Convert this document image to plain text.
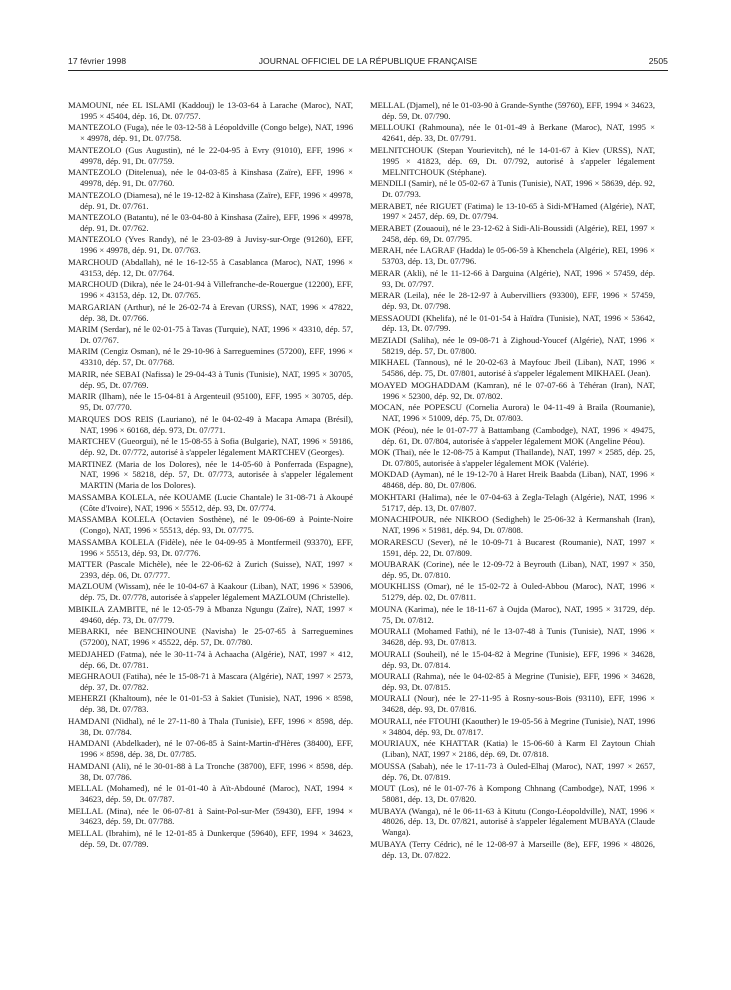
17 février 1998	JOURNAL OFFICIEL DE LA RÉPUBLIQUE FRANÇAISE	2505

MAMOUNI, née EL ISLAMI (Kaddouj) le 13-03-64 à Larache (Maroc), NAT, 1995 × 45404, dép. 16, Dt. 07/757.

MANTEZOLO (Fuga), née le 03-12-58 à Léopoldville (Congo belge), NAT, 1996 × 49978, dép. 91, Dt. 07/758.

MANTEZOLO (Gus Augustin), né le 22-04-95 à Evry (91010), EFF, 1996 × 49978, dép. 91, Dt. 07/759.

MANTEZOLO (Ditelenua), née le 04-03-85 à Kinshasa (Zaïre), EFF, 1996 × 49978, dép. 91, Dt. 07/760.

MANTEZOLO (Diamesa), né le 19-12-82 à Kinshasa (Zaïre), EFF, 1996 × 49978, dép. 91, Dt. 07/761.

MANTEZOLO (Batantu), né le 03-04-80 à Kinshasa (Zaïre), EFF, 1996 × 49978, dép. 91, Dt. 07/762.

MANTEZOLO (Yves Randy), né le 23-03-89 à Juvisy-sur-Orge (91260), EFF, 1996 × 49978, dép. 91, Dt. 07/763.

MARCHOUD (Abdallah), né le 16-12-55 à Casablanca (Maroc), NAT, 1996 × 43153, dép. 12, Dt. 07/764.

MARCHOUD (Dikra), née le 24-01-94 à Villefranche-de-Rouergue (12200), EFF, 1996 × 43153, dép. 12, Dt. 07/765.

MARGARIAN (Arthur), né le 26-02-74 à Erevan (URSS), NAT, 1996 × 47822, dép. 38, Dt. 07/766.

MARIM (Serdar), né le 02-01-75 à Tavas (Turquie), NAT, 1996 × 43310, dép. 57, Dt. 07/767.

MARIM (Cengiz Osman), né le 29-10-96 à Sarreguemines (57200), EFF, 1996 × 43310, dép. 57, Dt. 07/768.

MARIR, née SEBAI (Nafissa) le 29-04-43 à Tunis (Tunisie), NAT, 1995 × 30705, dép. 95, Dt. 07/769.

MARIR (Ilham), née le 15-04-81 à Argenteuil (95100), EFF, 1995 × 30705, dép. 95, Dt. 07/770.

MARQUES DOS REIS (Lauriano), né le 04-02-49 à Macapa Amapa (Brésil), NAT, 1996 × 60168, dép. 973, Dt. 07/771.

MARTCHEV (Gueorgui), né le 15-08-55 à Sofia (Bulgarie), NAT, 1996 × 59186, dép. 92, Dt. 07/772, autorisé à s'appeler légalement MARTCHEV (Georges).

MARTINEZ (Maria de los Dolores), née le 14-05-60 à Ponferrada (Espagne), NAT, 1996 × 58218, dép. 57, Dt. 07/773, autorisée à s'appeler légalement MARTIN (Maria de los Dolores).

MASSAMBA KOLELA, née KOUAME (Lucie Chantale) le 31-08-71 à Akoupé (Côte d'Ivoire), NAT, 1996 × 55512, dép. 93, Dt. 07/774.

MASSAMBA KOLELA (Octavien Sosthène), né le 09-06-69 à Pointe-Noire (Congo), NAT, 1996 × 55513, dép. 93, Dt. 07/775.

MASSAMBA KOLELA (Fidèle), née le 04-09-95 à Montfermeil (93370), EFF, 1996 × 55513, dép. 93, Dt. 07/776.

MATTER (Pascale Michèle), née le 22-06-62 à Zurich (Suisse), NAT, 1997 × 2393, dép. 06, Dt. 07/777.

MAZLOUM (Wissam), née le 10-04-67 à Kaakour (Liban), NAT, 1996 × 53906, dép. 75, Dt. 07/778, autorisée à s'appeler légalement MAZLOUM (Christelle).

MBIKILA ZAMBITE, né le 12-05-79 à Mbanza Ngungu (Zaïre), NAT, 1997 × 49460, dép. 73, Dt. 07/779.

MEBARKI, née BENCHINOUNE (Navisha) le 25-07-65 à Sarreguemines (57200), NAT, 1996 × 45522, dép. 57, Dt. 07/780.

MEDJAHED (Fatma), née le 30-11-74 à Achaacha (Algérie), NAT, 1997 × 412, dép. 66, Dt. 07/781.

MEGHRAOUI (Fatiha), née le 15-08-71 à Mascara (Algérie), NAT, 1997 × 2573, dép. 37, Dt. 07/782.

MEHERZI (Khaltoum), née le 01-01-53 à Sakiet (Tunisie), NAT, 1996 × 8598, dép. 38, Dt. 07/783.

HAMDANI (Nidhal), né le 27-11-80 à Thala (Tunisie), EFF, 1996 × 8598, dép. 38, Dt. 07/784.

HAMDANI (Abdelkader), né le 07-06-85 à Saint-Martin-d'Hères (38400), EFF, 1996 × 8598, dép. 38, Dt. 07/785.

HAMDANI (Ali), né le 30-01-88 à La Tronche (38700), EFF, 1996 × 8598, dép. 38, Dt. 07/786.

MELLAL (Mohamed), né le 01-01-40 à Aït-Abdouné (Maroc), NAT, 1994 × 34623, dép. 59, Dt. 07/787.

MELLAL (Mina), née le 06-07-81 à Saint-Pol-sur-Mer (59430), EFF, 1994 × 34623, dép. 59, Dt. 07/788.

MELLAL (Ibrahim), né le 12-01-85 à Dunkerque (59640), EFF, 1994 × 34623, dép. 59, Dt. 07/789.

MELLAL (Djamel), né le 01-03-90 à Grande-Synthe (59760), EFF, 1994 × 34623, dép. 59, Dt. 07/790.

MELLOUKI (Rahmouna), née le 01-01-49 à Berkane (Maroc), NAT, 1995 × 42641, dép. 33, Dt. 07/791.

MELNITCHOUK (Stepan Yourievitch), né le 14-01-67 à Kiev (URSS), NAT, 1995 × 41823, dép. 69, Dt. 07/792, autorisé à s'appeler légalement MELNITCHOUK (Stéphane).

MENDILI (Samir), né le 05-02-67 à Tunis (Tunisie), NAT, 1996 × 58639, dép. 92, Dt. 07/793.

MERABET, née RIGUET (Fatima) le 13-10-65 à Sidi-M'Hamed (Algérie), NAT, 1997 × 2457, dép. 69, Dt. 07/794.

MERABET (Zouaoui), né le 23-12-62 à Sidi-Ali-Boussidi (Algérie), REI, 1997 × 2458, dép. 69, Dt. 07/795.

MERAH, née LAGRAF (Hadda) le 05-06-59 à Khenchela (Algérie), REI, 1996 × 53703, dép. 13, Dt. 07/796.

MERAR (Akli), né le 11-12-66 à Darguina (Algérie), NAT, 1996 × 57459, dép. 93, Dt. 07/797.

MERAR (Leila), née le 28-12-97 à Aubervilliers (93300), EFF, 1996 × 57459, dép. 93, Dt. 07/798.

MESSAOUDI (Khelifa), né le 01-01-54 à Haïdra (Tunisie), NAT, 1996 × 53642, dép. 13, Dt. 07/799.

MEZIADI (Saliha), née le 09-08-71 à Zighoud-Youcef (Algérie), NAT, 1996 × 58219, dép. 57, Dt. 07/800.

MIKHAEL (Tannous), né le 20-02-63 à Mayfouc Jbeil (Liban), NAT, 1996 × 54586, dép. 75, Dt. 07/801, autorisé à s'appeler légalement MIKHAEL (Jean).

MOAYED MOGHADDAM (Kamran), né le 07-07-66 à Téhéran (Iran), NAT, 1996 × 52300, dép. 92, Dt. 07/802.

MOCAN, née POPESCU (Cornelia Aurora) le 04-11-49 à Braila (Roumanie), NAT, 1996 × 51009, dép. 75, Dt. 07/803.

MOK (Péou), née le 01-07-77 à Battambang (Cambodge), NAT, 1996 × 49475, dép. 61, Dt. 07/804, autorisée à s'appeler légalement MOK (Angeline Péou).

MOK (Thai), née le 12-08-75 à Kamput (Thaïlande), NAT, 1997 × 2585, dép. 25, Dt. 07/805, autorisée à s'appeler légalement MOK (Valérie).

MOKDAD (Ayman), né le 19-12-70 à Haret Hreik Baabda (Liban), NAT, 1996 × 48468, dép. 80, Dt. 07/806.

MOKHTARI (Halima), née le 07-04-63 à Zegla-Telagh (Algérie), NAT, 1996 × 51717, dép. 13, Dt. 07/807.

MONACHIPOUR, née NIKROO (Sedigheh) le 25-06-32 à Kermanshah (Iran), NAT, 1996 × 51981, dép. 94, Dt. 07/808.

MORARESCU (Sever), né le 10-09-71 à Bucarest (Roumanie), NAT, 1997 × 1591, dép. 22, Dt. 07/809.

MOUBARAK (Corine), née le 12-09-72 à Beyrouth (Liban), NAT, 1997 × 350, dép. 95, Dt. 07/810.

MOUKHLISS (Omar), né le 15-02-72 à Ouled-Abbou (Maroc), NAT, 1996 × 51279, dép. 02, Dt. 07/811.

MOUNA (Karima), née le 18-11-67 à Oujda (Maroc), NAT, 1995 × 31729, dép. 75, Dt. 07/812.

MOURALI (Mohamed Fathi), né le 13-07-48 à Tunis (Tunisie), NAT, 1996 × 34628, dép. 93, Dt. 07/813.

MOURALI (Souheil), né le 15-04-82 à Megrine (Tunisie), EFF, 1996 × 34628, dép. 93, Dt. 07/814.

MOURALI (Rahma), née le 04-02-85 à Megrine (Tunisie), EFF, 1996 × 34628, dép. 93, Dt. 07/815.

MOURALI (Nour), née le 27-11-95 à Rosny-sous-Bois (93110), EFF, 1996 × 34628, dép. 93, Dt. 07/816.

MOURALI, née FTOUHI (Kaouther) le 19-05-56 à Megrine (Tunisie), NAT, 1996 × 34804, dép. 93, Dt. 07/817.

MOURIAUX, née KHATTAR (Katia) le 15-06-60 à Karm El Zaytoun Chiah (Liban), NAT, 1997 × 2186, dép. 69, Dt. 07/818.

MOUSSA (Sabah), née le 17-11-73 à Ouled-Elhaj (Maroc), NAT, 1997 × 2657, dép. 76, Dt. 07/819.

MOUT (Los), né le 01-07-76 à Kompong Chhnang (Cambodge), NAT, 1996 × 58081, dép. 13, Dt. 07/820.

MUBAYA (Wanga), né le 06-11-63 à Kitutu (Congo-Léopoldville), NAT, 1996 × 48026, dép. 13, Dt. 07/821, autorisé à s'appeler légalement MUBAYA (Claude Wanga).

MUBAYA (Terry Cédric), né le 12-08-97 à Marseille (8e), EFF, 1996 × 48026, dép. 13, Dt. 07/822.
